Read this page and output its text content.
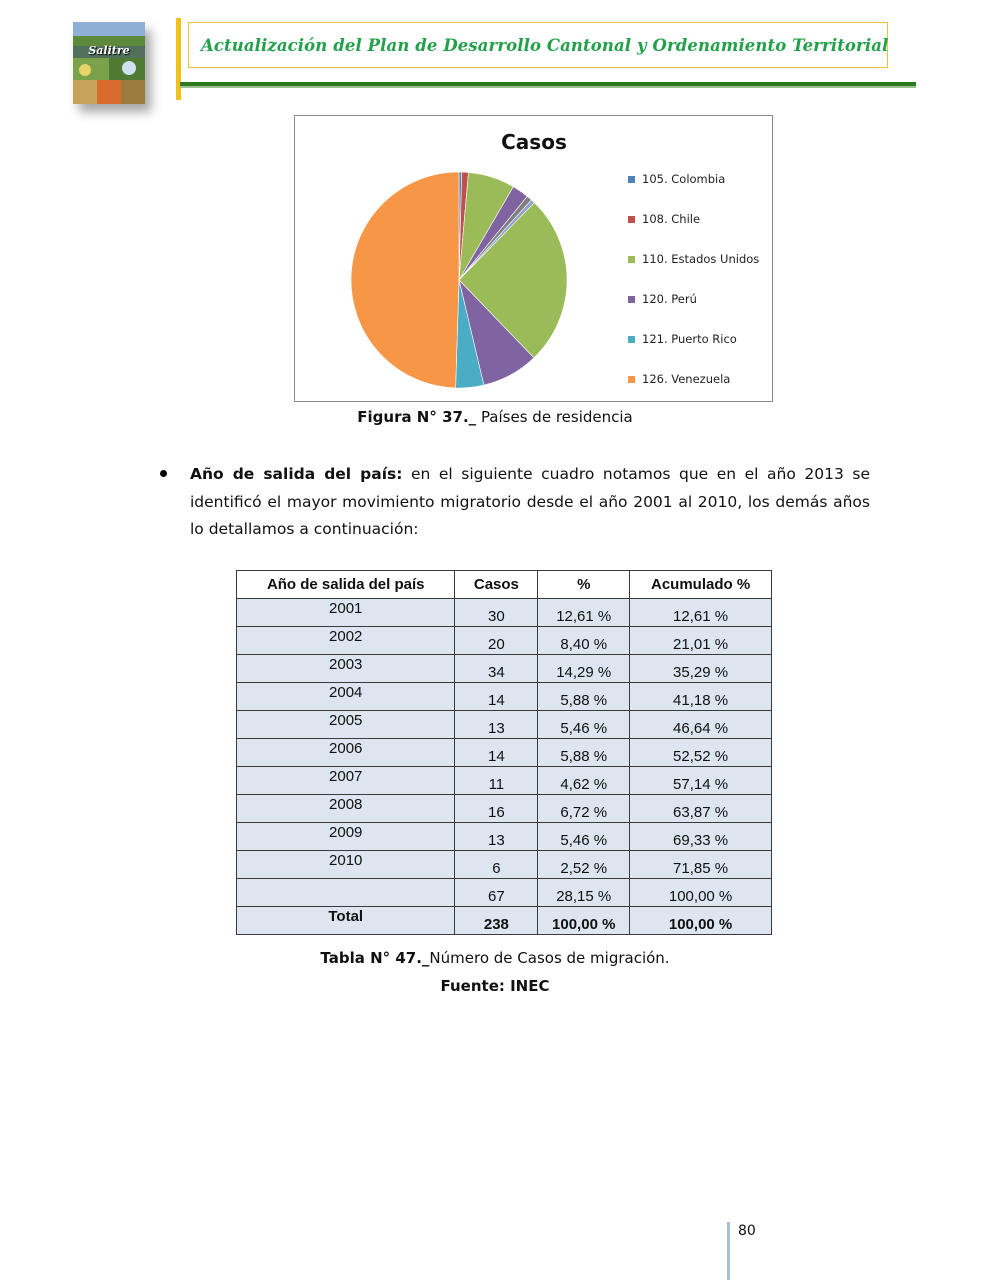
Salitre	Actualización del Plan de Desarrollo Cantonal y Ordenamiento Territorial
Casos
105. Colombia
108. Chile
110. Estados Unidos
120. Perú
121. Puerto Rico
126. Venezuela
Figura N° 37._ Países de residencia
Año de salida del país: en el siguiente cuadro notamos que en el año 2013 se identificó el mayor movimiento migratorio desde el año 2001 al 2010, los demás años lo detallamos a continuación:
Año de salida del país	Casos	%	Acumulado %
2001	30	12,61 %	12,61 %
2002	20	8,40 %	21,01 %
2003	34	14,29 %	35,29 %
2004	14	5,88 %	41,18 %
2005	13	5,46 %	46,64 %
2006	14	5,88 %	52,52 %
2007	11	4,62 %	57,14 %
2008	16	6,72 %	63,87 %
2009	13	5,46 %	69,33 %
2010	6	2,52 %	71,85 %
	67	28,15 %	100,00 %
Total	238	100,00 %	100,00 %
Tabla N° 47._Número de Casos de migración.
Fuente: INEC
80
